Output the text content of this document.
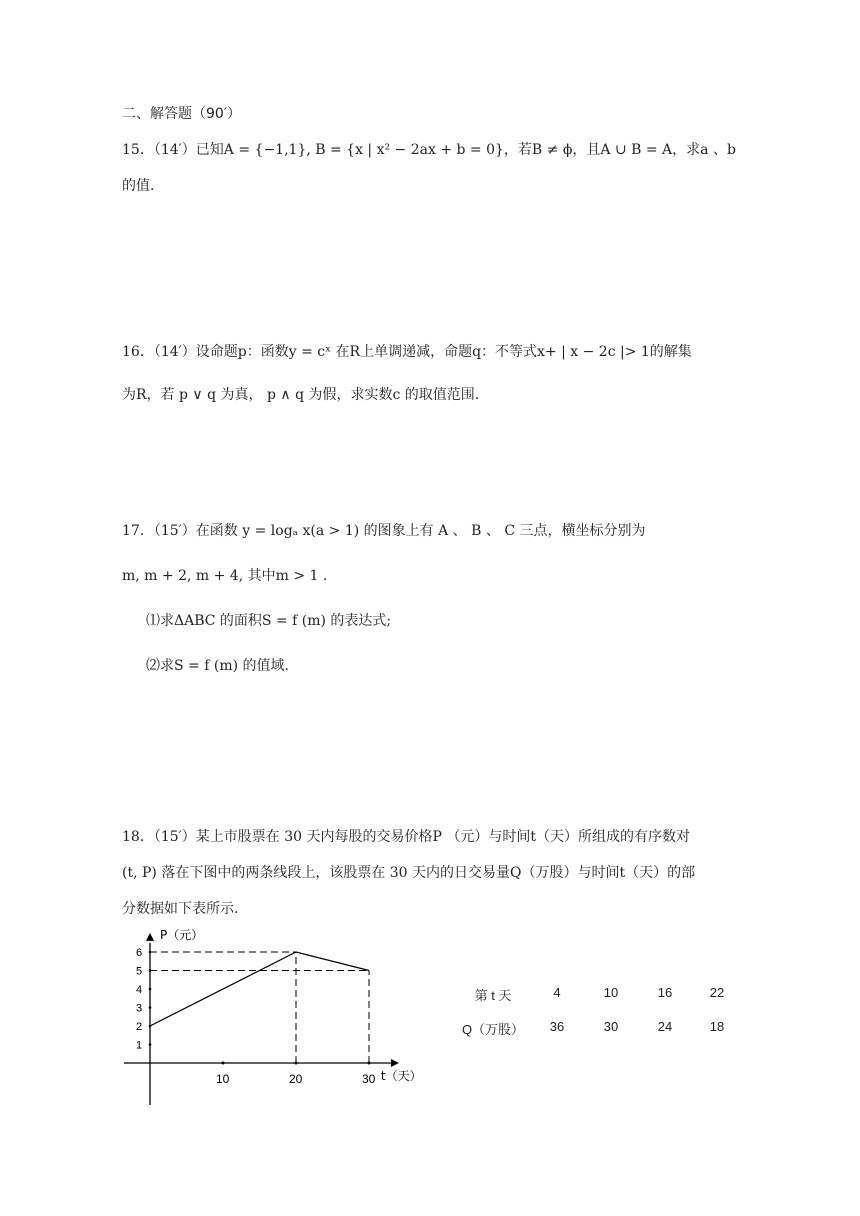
二、解答题（90′）
15．（14′）已知A = {−1,1}, B = {x | x² − 2ax + b = 0}，若B ≠ ϕ，且A ∪ B = A，求a 、b
的值.
16．（14′）设命题p：函数y = cˣ 在R上单调递减，命题q：不等式x+ | x − 2c |> 1的解集
为R，若 p ∨ q 为真， p ∧ q 为假，求实数c 的取值范围.
17．（15′）在函数 y = logₐ x(a > 1) 的图象上有 A 、 B 、 C 三点，横坐标分别为
m, m + 2, m + 4, 其中m > 1 .
⑴求ΔABC 的面积S = f (m) 的表达式;
⑵求S = f (m) 的值域.
18．（15′）某上市股票在 30 天内每股的交易价格P （元）与时间t（天）所组成的有序数对
(t, P) 落在下图中的两条线段上，该股票在 30 天内的日交易量Q（万股）与时间t（天）的部
分数据如下表所示.
P（元）
t（天）
1
2
3
4
5
6
10	20	30
第 t 天	4	10	16	22
Q（万股）	36	30	24	18
